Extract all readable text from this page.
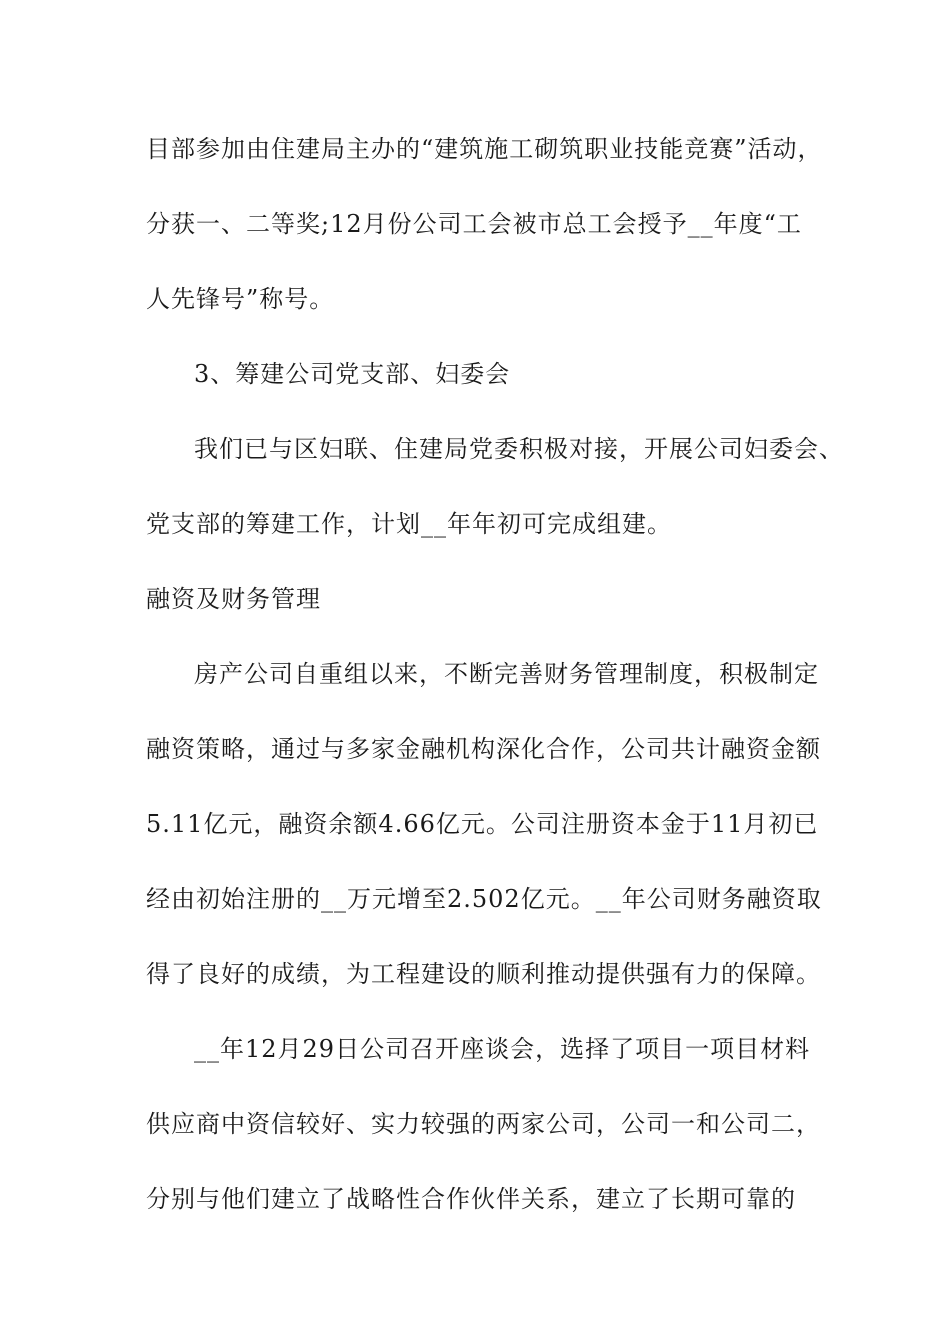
目部参加由住建局主办的“建筑施工砌筑职业技能竞赛”活动，
分获一、二等奖;12月份公司工会被市总工会授予__年度“工
人先锋号”称号。
3、筹建公司党支部、妇委会
我们已与区妇联、住建局党委积极对接，开展公司妇委会、
党支部的筹建工作，计划__年年初可完成组建。
融资及财务管理
房产公司自重组以来，不断完善财务管理制度，积极制定
融资策略，通过与多家金融机构深化合作，公司共计融资金额
5.11亿元，融资余额4.66亿元。公司注册资本金于11月初已
经由初始注册的__万元增至2.502亿元。__年公司财务融资取
得了良好的成绩，为工程建设的顺利推动提供强有力的保障。
__年12月29日公司召开座谈会，选择了项目一项目材料
供应商中资信较好、实力较强的两家公司，公司一和公司二，
分别与他们建立了战略性合作伙伴关系，建立了长期可靠的
